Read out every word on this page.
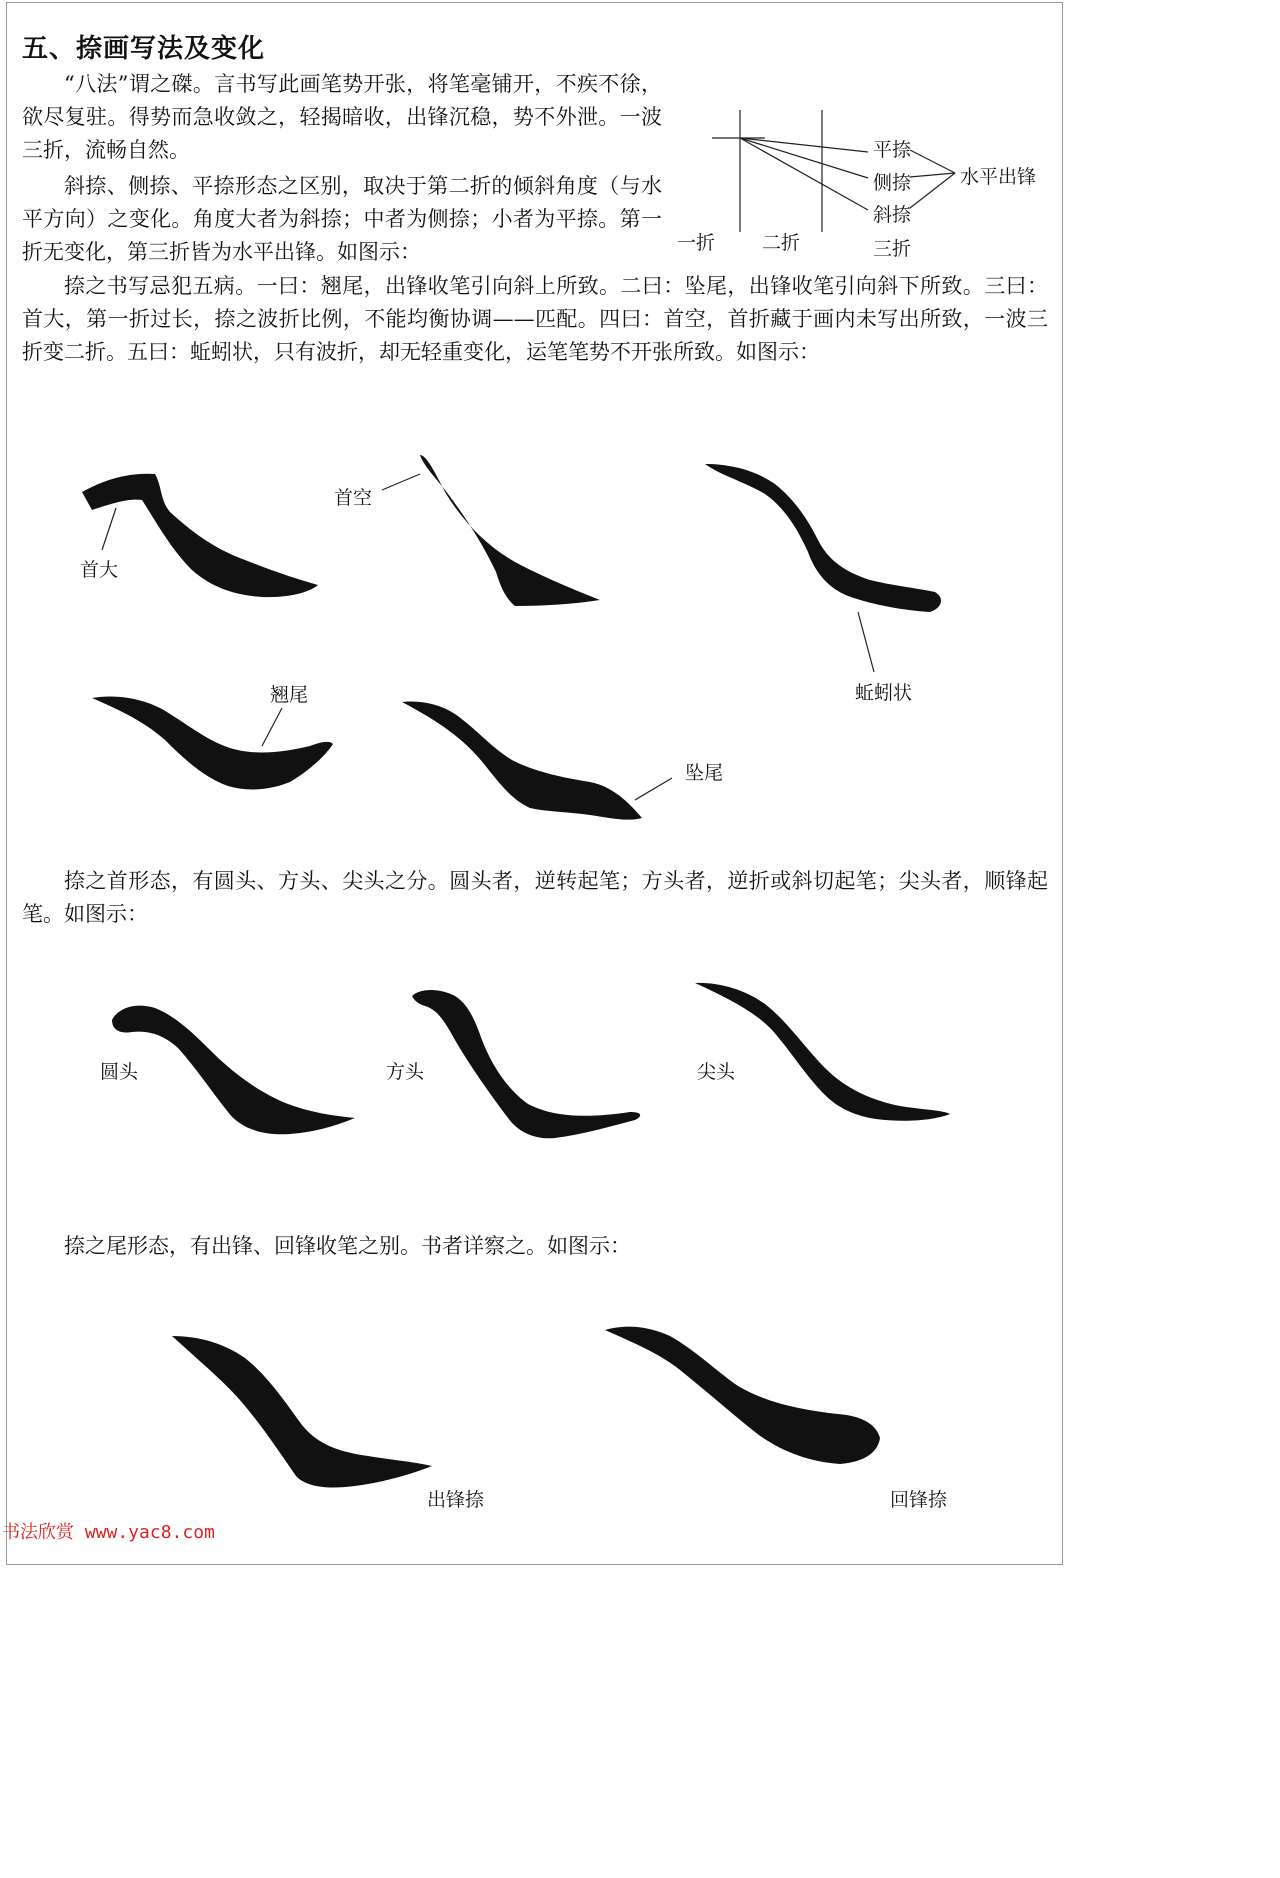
五、捺画写法及变化

“八法”谓之磔。言书写此画笔势开张，将笔毫铺开，不疾不徐，欲尽复驻。得势而急收敛之，轻揭暗收，出锋沉稳，势不外泄。一波三折，流畅自然。

斜捺、侧捺、平捺形态之区别，取决于第二折的倾斜角度（与水平方向）之变化。角度大者为斜捺；中者为侧捺；小者为平捺。第一折无变化，第三折皆为水平出锋。如图示：

捺之书写忌犯五病。一曰：翘尾，出锋收笔引向斜上所致。二曰：坠尾，出锋收笔引向斜下所致。三曰：首大，第一折过长，捺之波折比例，不能均衡协调——匹配。四曰：首空，首折藏于画内未写出所致，一波三折变二折。五曰：蚯蚓状，只有波折，却无轻重变化，运笔笔势不开张所致。如图示：

捺之首形态，有圆头、方头、尖头之分。圆头者，逆转起笔；方头者，逆折或斜切起笔；尖头者，顺锋起笔。如图示：

捺之尾形态，有出锋、回锋收笔之别。书者详察之。如图示：

平捺
侧捺
斜捺
水平出锋
一折 二折	三折
首大
首空
蚯蚓状
翘尾
坠尾
圆头	方头	尖头
出锋捺	回锋捺
书法欣赏 www.yac8.com
